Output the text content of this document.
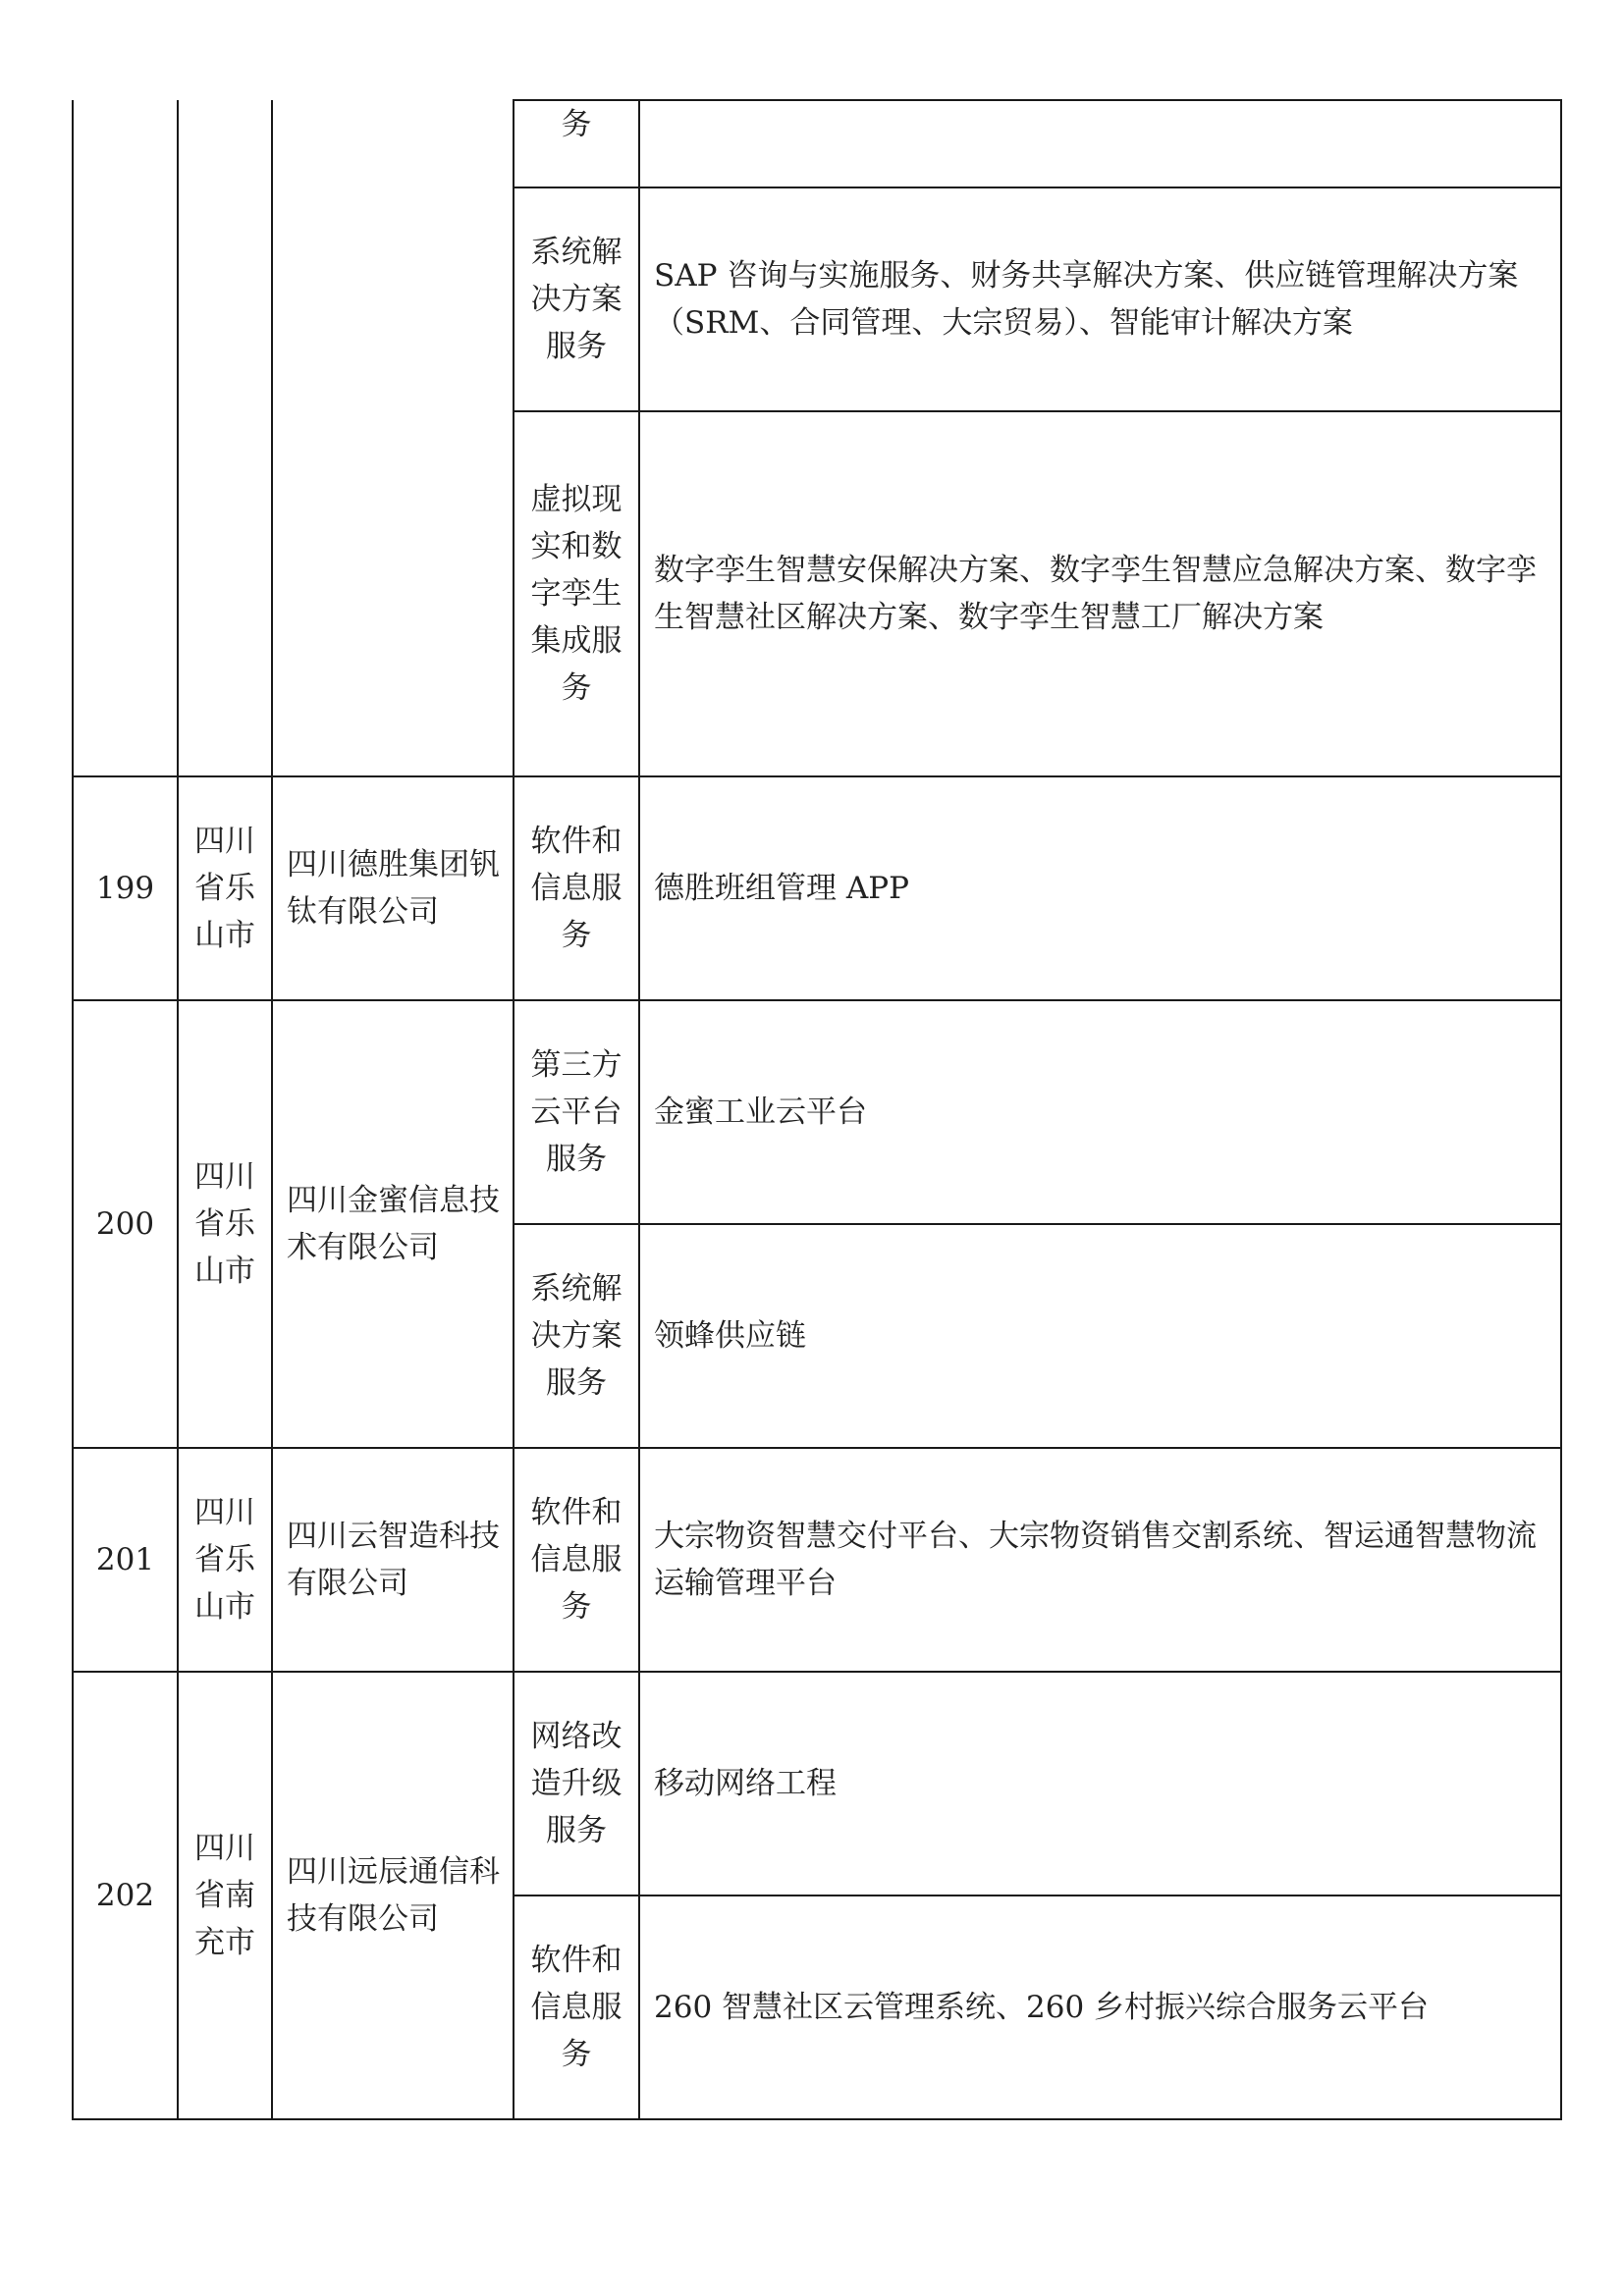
			务	
			系统解决方案服务	SAP 咨询与实施服务、财务共享解决方案、供应链管理解决方案（SRM、合同管理、大宗贸易）、智能审计解决方案
			虚拟现实和数字孪生集成服务	数字孪生智慧安保解决方案、数字孪生智慧应急解决方案、数字孪生智慧社区解决方案、数字孪生智慧工厂解决方案
199	四川省乐山市	四川德胜集团钒钛有限公司	软件和信息服务	德胜班组管理 APP
200	四川省乐山市	四川金蜜信息技术有限公司	第三方云平台服务	金蜜工业云平台
			系统解决方案服务	领蜂供应链
201	四川省乐山市	四川云智造科技有限公司	软件和信息服务	大宗物资智慧交付平台、大宗物资销售交割系统、智运通智慧物流运输管理平台
202	四川省南充市	四川远辰通信科技有限公司	网络改造升级服务	移动网络工程
			软件和信息服务	260 智慧社区云管理系统、260 乡村振兴综合服务云平台
